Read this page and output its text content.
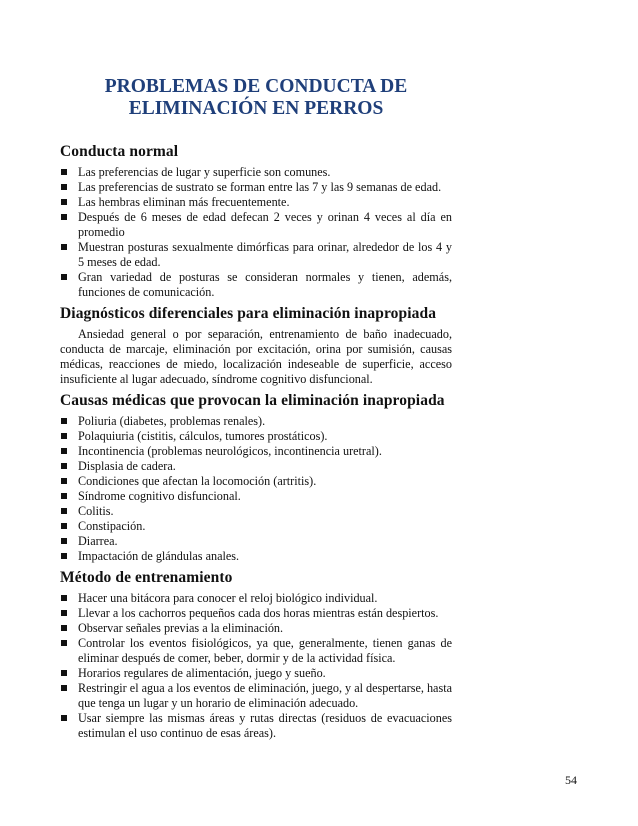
PROBLEMAS DE CONDUCTA DE
ELIMINACIÓN EN PERROS
Conducta normal
Las preferencias de lugar y superficie son comunes.
Las preferencias de sustrato se forman entre las 7 y las 9 semanas de edad.
Las hembras eliminan más frecuentemente.
Después de 6 meses de edad defecan 2 veces y orinan 4 veces al día en promedio
Muestran posturas sexualmente dimórficas para orinar, alrededor de los 4 y 5 meses de edad.
Gran variedad de posturas se consideran normales y tienen, además, funciones de comunicación.
Diagnósticos diferenciales para eliminación inapropiada

Ansiedad general o por separación, entrenamiento de baño inadecuado, conducta de marcaje, eliminación por excitación, orina por sumisión, causas médicas, reacciones de miedo, localización indeseable de superficie, acceso insuficiente al lugar adecuado, síndrome cognitivo disfuncional.

Causas médicas que provocan la eliminación inapropiada
Poliuria (diabetes, problemas renales).
Polaquiuria (cistitis, cálculos, tumores prostáticos).
Incontinencia (problemas neurológicos, incontinencia uretral).
Displasia de cadera.
Condiciones que afectan la locomoción (artritis).
Síndrome cognitivo disfuncional.
Colitis.
Constipación.
Diarrea.
Impactación de glándulas anales.
Método de entrenamiento
Hacer una bitácora para conocer el reloj biológico individual.
Llevar a los cachorros pequeños cada dos horas mientras están despiertos.
Observar señales previas a la eliminación.
Controlar los eventos fisiológicos, ya que, generalmente, tienen ganas de eliminar después de comer, beber, dormir y de la actividad física.
Horarios regulares de alimentación, juego y sueño.
Restringir el agua a los eventos de eliminación, juego, y al despertarse, hasta que tenga un lugar y un horario de eliminación adecuado.
Usar siempre las mismas áreas y rutas directas (residuos de evacuaciones estimulan el uso continuo de esas áreas).
54
